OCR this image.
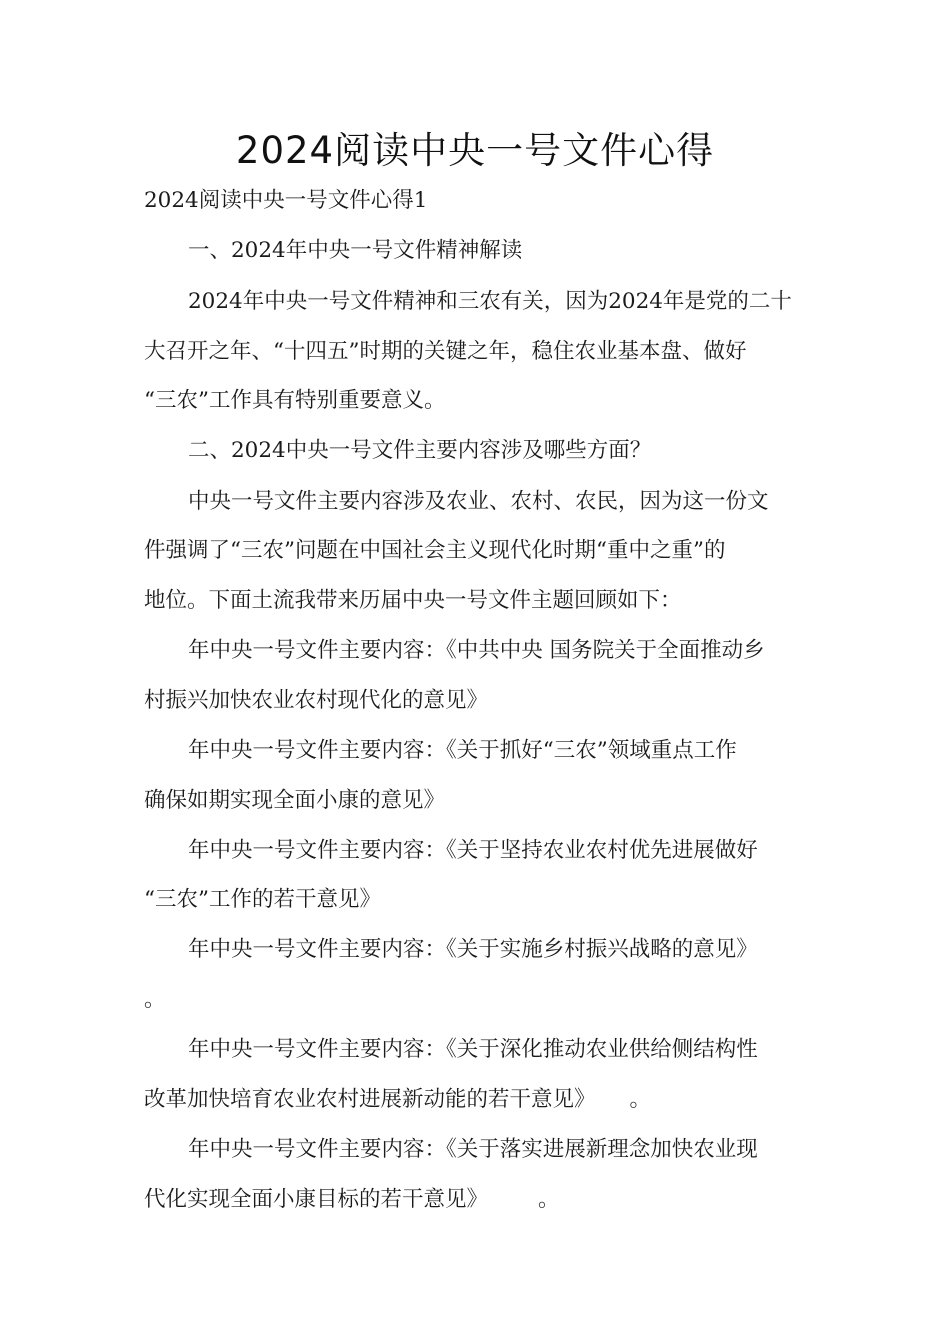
2024阅读中央一号文件心得

2024阅读中央一号文件心得1

一、2024年中央一号文件精神解读

2024年中央一号文件精神和三农有关，因为2024年是党的二十

大召开之年、“十四五”时期的关键之年，稳住农业基本盘、做好

“三农”工作具有特别重要意义。

二、2024中央一号文件主要内容涉及哪些方面？

中央一号文件主要内容涉及农业、农村、农民，因为这一份文

件强调了“三农”问题在中国社会主义现代化时期“重中之重”的

地位。下面土流我带来历届中央一号文件主题回顾如下：

年中央一号文件主要内容：《中共中央 国务院关于全面推动乡

村振兴加快农业农村现代化的意见》

年中央一号文件主要内容：《关于抓好“三农”领域重点工作

确保如期实现全面小康的意见》

年中央一号文件主要内容：《关于坚持农业农村优先进展做好

“三农”工作的若干意见》

年中央一号文件主要内容：《关于实施乡村振兴战略的意见》

。

年中央一号文件主要内容：《关于深化推动农业供给侧结构性

改革加快培育农业农村进展新动能的若干意见》 。

年中央一号文件主要内容：《关于落实进展新理念加快农业现

代化实现全面小康目标的若干意见》 。
